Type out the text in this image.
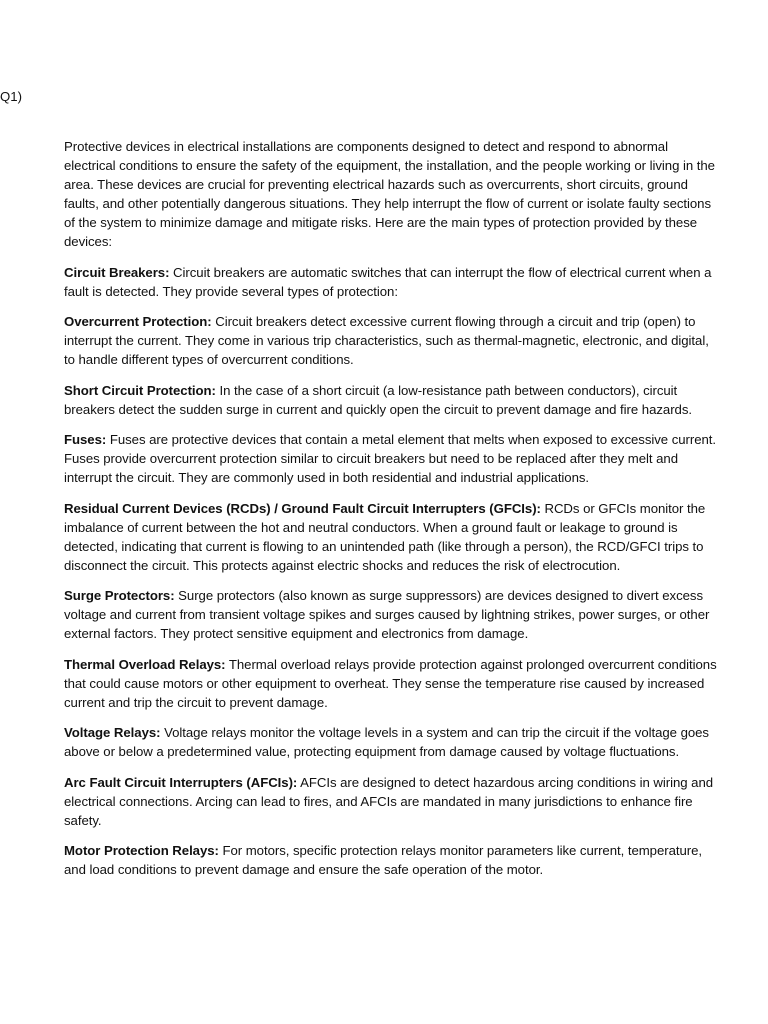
Q1)

Protective devices in electrical installations are components designed to detect and respond to abnormal electrical conditions to ensure the safety of the equipment, the installation, and the people working or living in the area. These devices are crucial for preventing electrical hazards such as overcurrents, short circuits, ground faults, and other potentially dangerous situations. They help interrupt the flow of current or isolate faulty sections of the system to minimize damage and mitigate risks. Here are the main types of protection provided by these devices:

Circuit Breakers: Circuit breakers are automatic switches that can interrupt the flow of electrical current when a fault is detected. They provide several types of protection:

Overcurrent Protection: Circuit breakers detect excessive current flowing through a circuit and trip (open) to interrupt the current. They come in various trip characteristics, such as thermal-magnetic, electronic, and digital, to handle different types of overcurrent conditions.

Short Circuit Protection: In the case of a short circuit (a low-resistance path between conductors), circuit breakers detect the sudden surge in current and quickly open the circuit to prevent damage and fire hazards.

Fuses: Fuses are protective devices that contain a metal element that melts when exposed to excessive current. Fuses provide overcurrent protection similar to circuit breakers but need to be replaced after they melt and interrupt the circuit. They are commonly used in both residential and industrial applications.

Residual Current Devices (RCDs) / Ground Fault Circuit Interrupters (GFCIs): RCDs or GFCIs monitor the imbalance of current between the hot and neutral conductors. When a ground fault or leakage to ground is detected, indicating that current is flowing to an unintended path (like through a person), the RCD/GFCI trips to disconnect the circuit. This protects against electric shocks and reduces the risk of electrocution.

Surge Protectors: Surge protectors (also known as surge suppressors) are devices designed to divert excess voltage and current from transient voltage spikes and surges caused by lightning strikes, power surges, or other external factors. They protect sensitive equipment and electronics from damage.

Thermal Overload Relays: Thermal overload relays provide protection against prolonged overcurrent conditions that could cause motors or other equipment to overheat. They sense the temperature rise caused by increased current and trip the circuit to prevent damage.

Voltage Relays: Voltage relays monitor the voltage levels in a system and can trip the circuit if the voltage goes above or below a predetermined value, protecting equipment from damage caused by voltage fluctuations.

Arc Fault Circuit Interrupters (AFCIs): AFCIs are designed to detect hazardous arcing conditions in wiring and electrical connections. Arcing can lead to fires, and AFCIs are mandated in many jurisdictions to enhance fire safety.

Motor Protection Relays: For motors, specific protection relays monitor parameters like current, temperature, and load conditions to prevent damage and ensure the safe operation of the motor.
